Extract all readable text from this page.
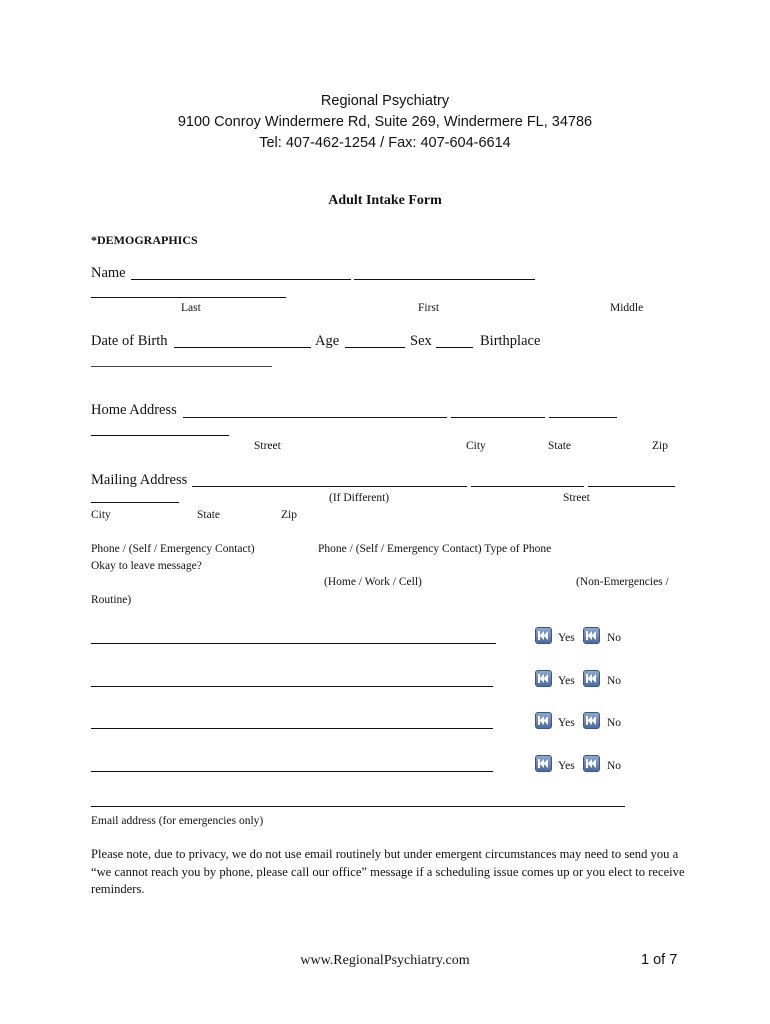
Regional Psychiatry
9100 Conroy Windermere Rd, Suite 269, Windermere FL, 34786
Tel: 407-462-1254 / Fax: 407-604-6614
Adult Intake Form
*DEMOGRAPHICS
Name
Last	First	Middle
Date of Birth	Age	Sex	Birthplace
Home Address
Street	City	State	Zip
Mailing Address
(If Different)	Street
City	State	Zip
Phone / (Self / Emergency Contact)	Phone / (Self / Emergency Contact) Type of Phone
Okay to leave message?
(Home / Work / Cell)	(Non-Emergencies /
Routine)
Yes	No
Yes	No
Yes	No
Yes	No
Email address (for emergencies only)
Please note, due to privacy, we do not use email routinely but under emergent circumstances may need to send you a “we cannot reach you by phone, please call our office” message if a scheduling issue comes up or you elect to receive reminders.
www.RegionalPsychiatry.com	1 of 7
